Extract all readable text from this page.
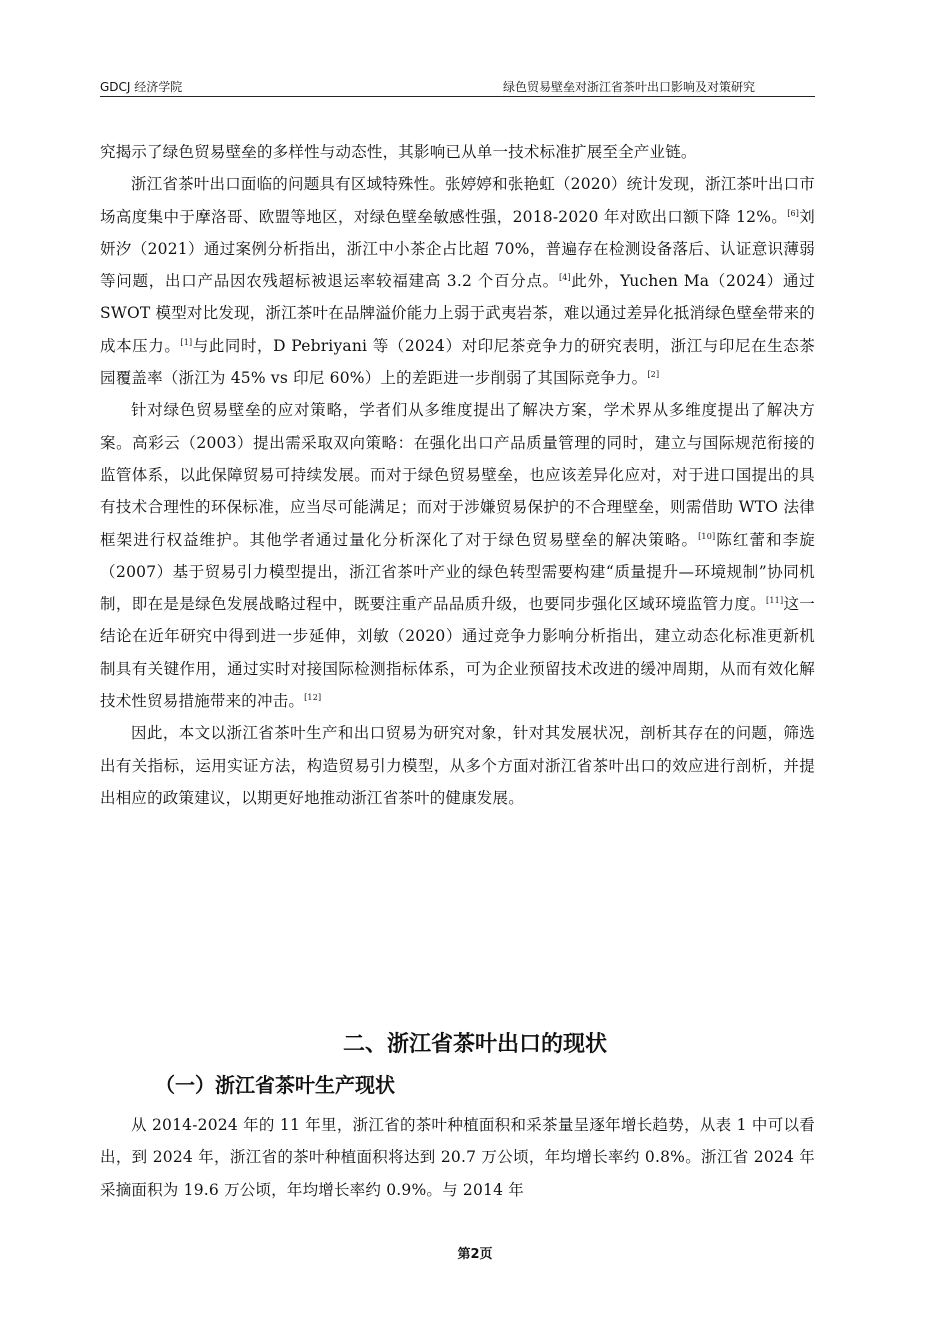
GDCJ 经济学院	绿色贸易壁垒对浙江省茶叶出口影响及对策研究

究揭示了绿色贸易壁垒的多样性与动态性，其影响已从单一技术标准扩展至全产业链。

浙江省茶叶出口面临的问题具有区域特殊性。张婷婷和张艳虹（2020）统计发现，浙江茶叶出口市场高度集中于摩洛哥、欧盟等地区，对绿色壁垒敏感性强，2018-2020 年对欧出口额下降 12%。[6]刘妍汐（2021）通过案例分析指出，浙江中小茶企占比超 70%，普遍存在检测设备落后、认证意识薄弱等问题，出口产品因农残超标被退运率较福建高 3.2 个百分点。[4]此外，Yuchen Ma（2024）通过 SWOT 模型对比发现，浙江茶叶在品牌溢价能力上弱于武夷岩茶，难以通过差异化抵消绿色壁垒带来的成本压力。[1]与此同时，D Pebriyani 等（2024）对印尼茶竞争力的研究表明，浙江与印尼在生态茶园覆盖率（浙江为 45% vs 印尼 60%）上的差距进一步削弱了其国际竞争力。[2]

针对绿色贸易壁垒的应对策略，学者们从多维度提出了解决方案，学术界从多维度提出了解决方案。高彩云（2003）提出需采取双向策略：在强化出口产品质量管理的同时，建立与国际规范衔接的监管体系，以此保障贸易可持续发展。而对于绿色贸易壁垒，也应该差异化应对，对于进口国提出的具有技术合理性的环保标准，应当尽可能满足；而对于涉嫌贸易保护的不合理壁垒，则需借助 WTO 法律框架进行权益维护。其他学者通过量化分析深化了对于绿色贸易壁垒的解决策略。[10]陈红蕾和李旋（2007）基于贸易引力模型提出，浙江省茶叶产业的绿色转型需要构建“质量提升—环境规制”协同机制，即在是是绿色发展战略过程中，既要注重产品品质升级，也要同步强化区域环境监管力度。[11]这一结论在近年研究中得到进一步延伸，刘敏（2020）通过竞争力影响分析指出，建立动态化标准更新机制具有关键作用，通过实时对接国际检测指标体系，可为企业预留技术改进的缓冲周期，从而有效化解技术性贸易措施带来的冲击。[12]

因此，本文以浙江省茶叶生产和出口贸易为研究对象，针对其发展状况，剖析其存在的问题，筛选出有关指标，运用实证方法，构造贸易引力模型，从多个方面对浙江省茶叶出口的效应进行剖析，并提出相应的政策建议，以期更好地推动浙江省茶叶的健康发展。

二、浙江省茶叶出口的现状
（一）浙江省茶叶生产现状

从 2014-2024 年的 11 年里，浙江省的茶叶种植面积和采茶量呈逐年增长趋势，从表 1 中可以看出，到 2024 年，浙江省的茶叶种植面积将达到 20.7 万公顷，年均增长率约 0.8%。浙江省 2024 年采摘面积为 19.6 万公顷，年均增长率约 0.9%。与 2014 年

第2页
